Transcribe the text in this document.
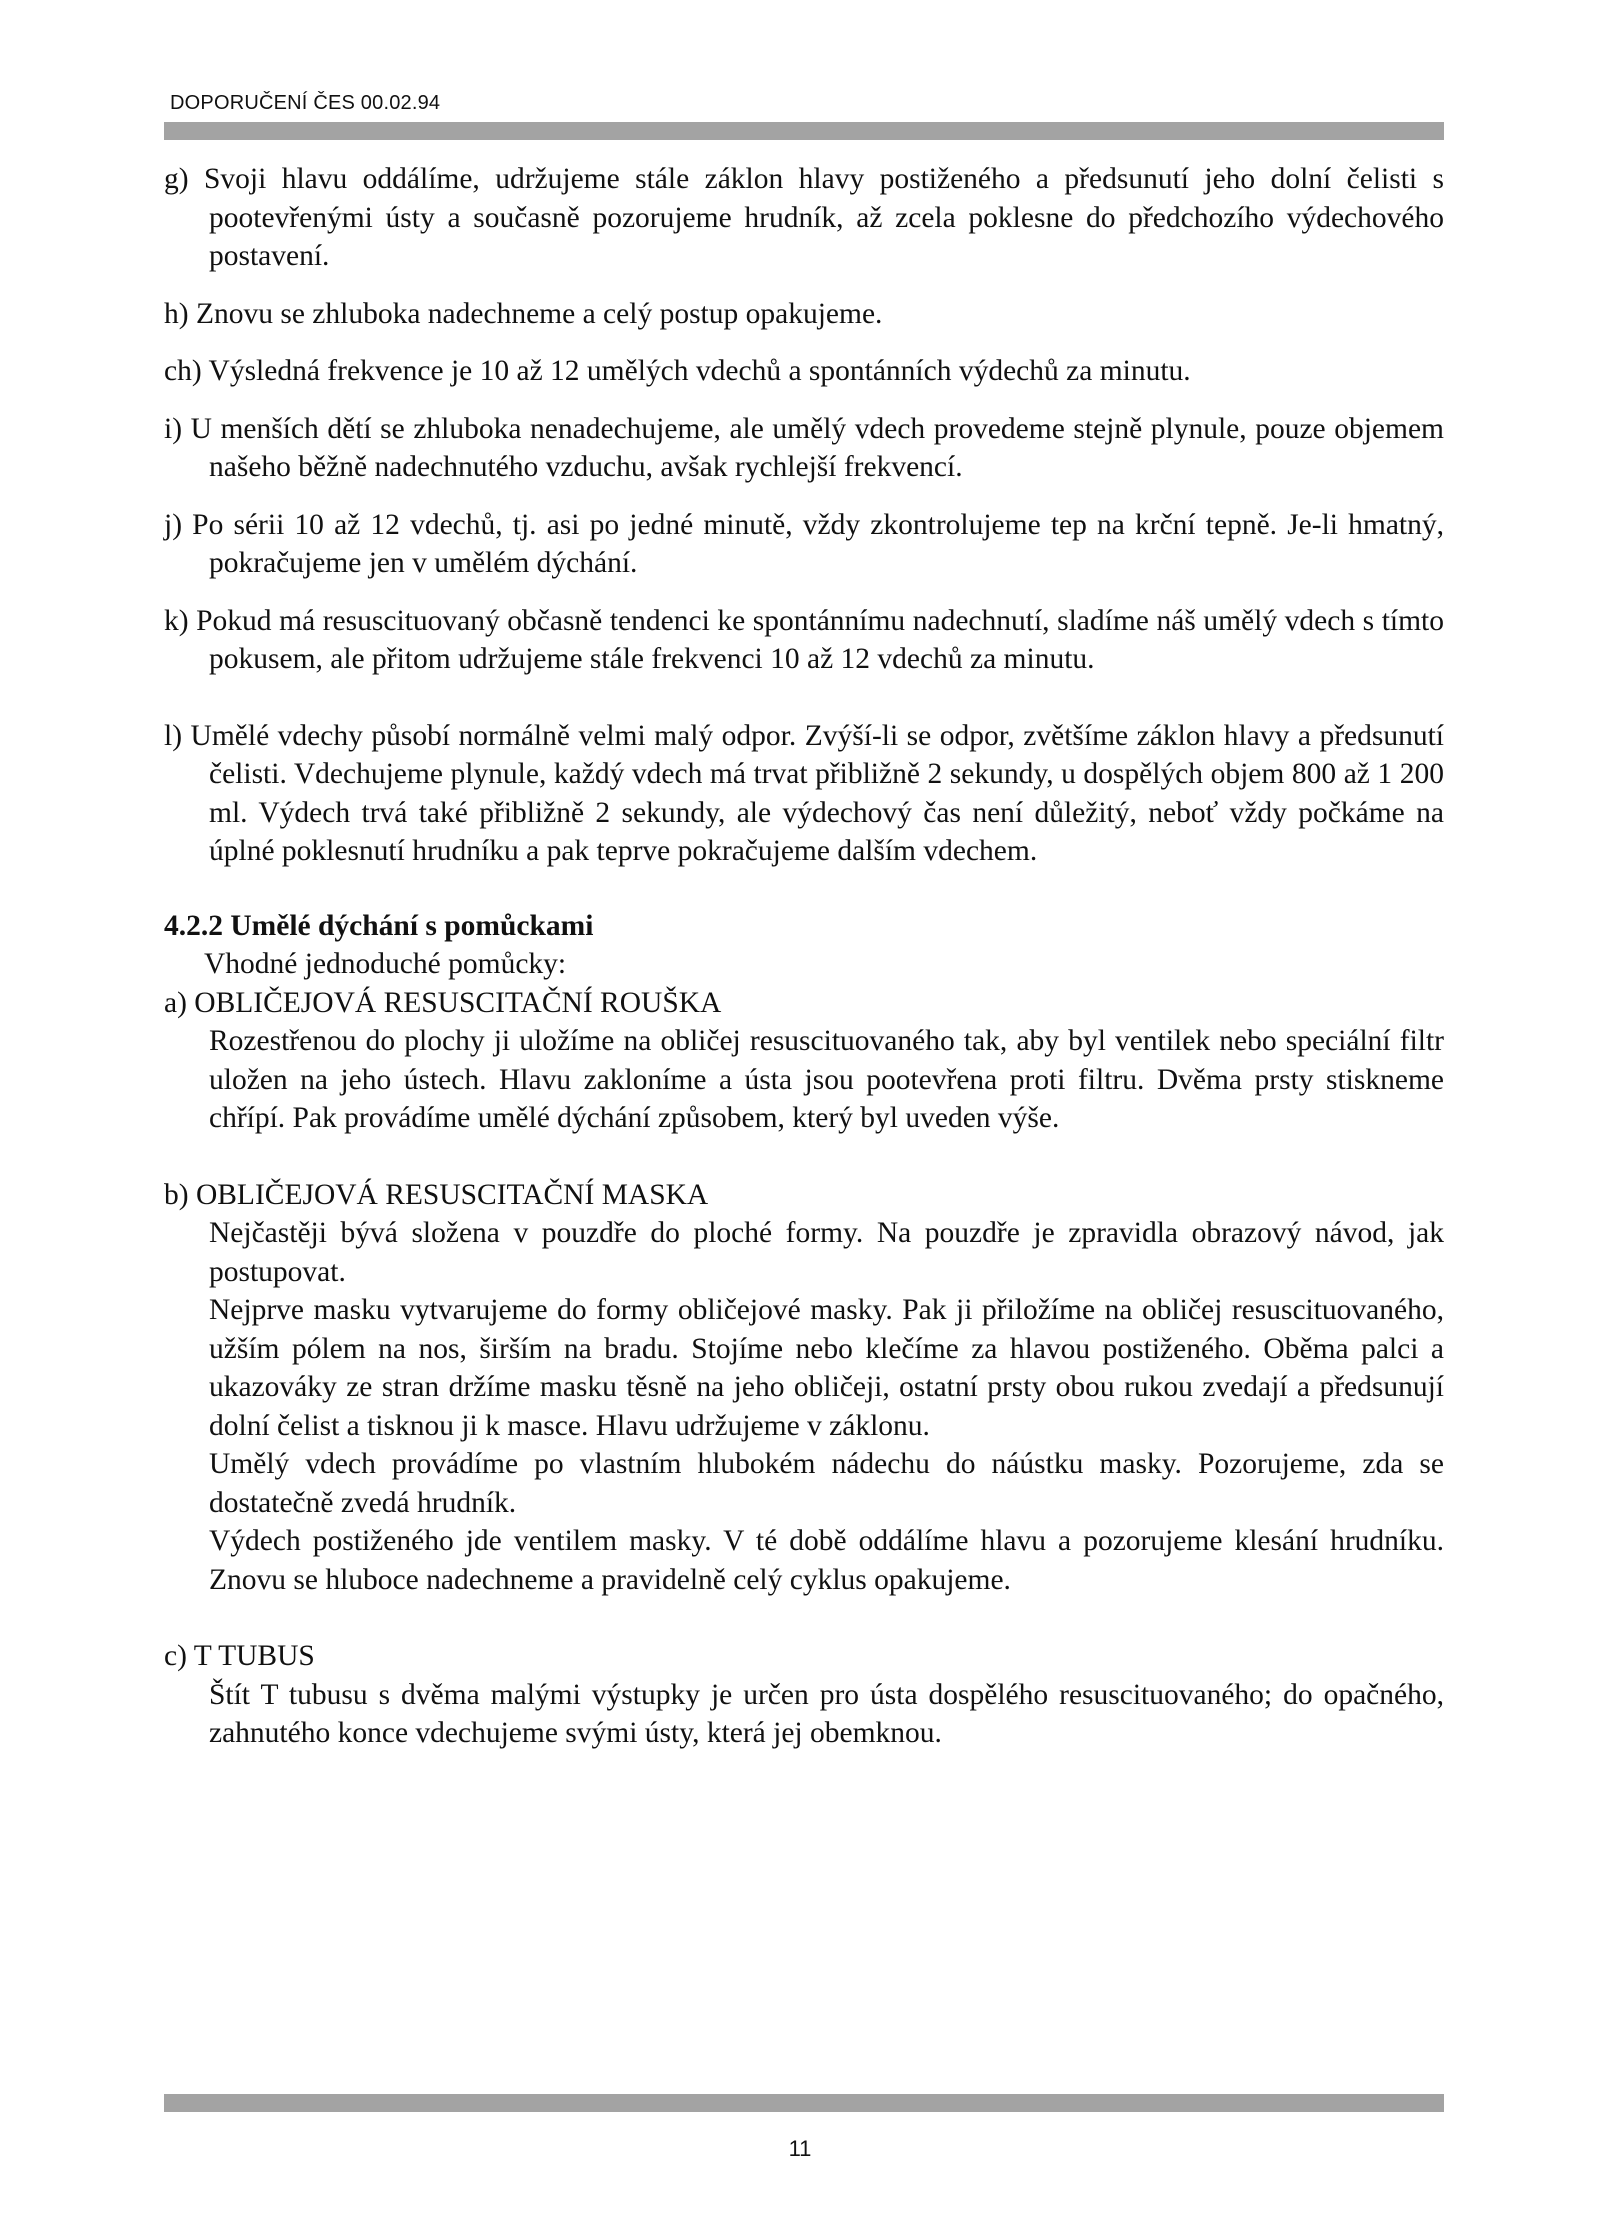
DOPORUČENÍ ČES 00.02.94

g) Svoji hlavu oddálíme, udržujeme stále záklon hlavy postiženého a předsunutí jeho dolní čelisti s pootevřenými ústy a současně pozorujeme hrudník, až zcela poklesne do předchozího výdechového postavení.

h) Znovu se zhluboka nadechneme a celý postup opakujeme.

ch) Výsledná frekvence je 10 až 12 umělých vdechů a spontánních výdechů za minutu.

i) U menších dětí se zhluboka nenadechujeme, ale umělý vdech provedeme stejně plynule, pouze objemem našeho běžně nadechnutého vzduchu, avšak rychlejší frekvencí.

j) Po sérii 10 až 12 vdechů, tj. asi po jedné minutě, vždy zkontrolujeme tep na krční tepně. Je-li hmatný, pokračujeme jen v umělém dýchání.

k) Pokud má resuscituovaný občasně tendenci ke spontánnímu nadechnutí, sladíme náš umělý vdech s tímto pokusem, ale přitom udržujeme stále frekvenci 10 až 12 vdechů za minutu.

l) Umělé vdechy působí normálně velmi malý odpor. Zvýší-li se odpor, zvětšíme záklon hlavy a předsunutí čelisti. Vdechujeme plynule, každý vdech má trvat přibližně 2 sekundy, u dospělých objem 800 až 1 200 ml. Výdech trvá také přibližně 2 sekundy, ale výdechový čas není důležitý, neboť vždy počkáme na úplné poklesnutí hrudníku a pak teprve pokračujeme dalším vdechem.

4.2.2 Umělé dýchání s pomůckami

Vhodné jednoduché pomůcky:

a) OBLIČEJOVÁ RESUSCITAČNÍ ROUŠKA

Rozestřenou do plochy ji uložíme na obličej resuscituovaného tak, aby byl ventilek nebo speciální filtr uložen na jeho ústech. Hlavu zakloníme a ústa jsou pootevřena proti filtru. Dvěma prsty stiskneme chřípí. Pak provádíme umělé dýchání způsobem, který byl uveden výše.

b) OBLIČEJOVÁ RESUSCITAČNÍ MASKA

Nejčastěji bývá složena v pouzdře do ploché formy. Na pouzdře je zpravidla obrazový návod, jak postupovat.

Nejprve masku vytvarujeme do formy obličejové masky. Pak ji přiložíme na obličej resuscituovaného, užším pólem na nos, širším na bradu. Stojíme nebo klečíme za hlavou postiženého. Oběma palci a ukazováky ze stran držíme masku těsně na jeho obličeji, ostatní prsty obou rukou zvedají a předsunují dolní čelist a tisknou ji k masce. Hlavu udržujeme v záklonu.

Umělý vdech provádíme po vlastním hlubokém nádechu do náústku masky. Pozorujeme, zda se dostatečně zvedá hrudník.

Výdech postiženého jde ventilem masky. V té době oddálíme hlavu a pozorujeme klesání hrudníku. Znovu se hluboce nadechneme a pravidelně celý cyklus opakujeme.

c) T TUBUS

Štít T tubusu s dvěma malými výstupky je určen pro ústa dospělého resuscituovaného; do opačného, zahnutého konce vdechujeme svými ústy, která jej obemknou.

11
